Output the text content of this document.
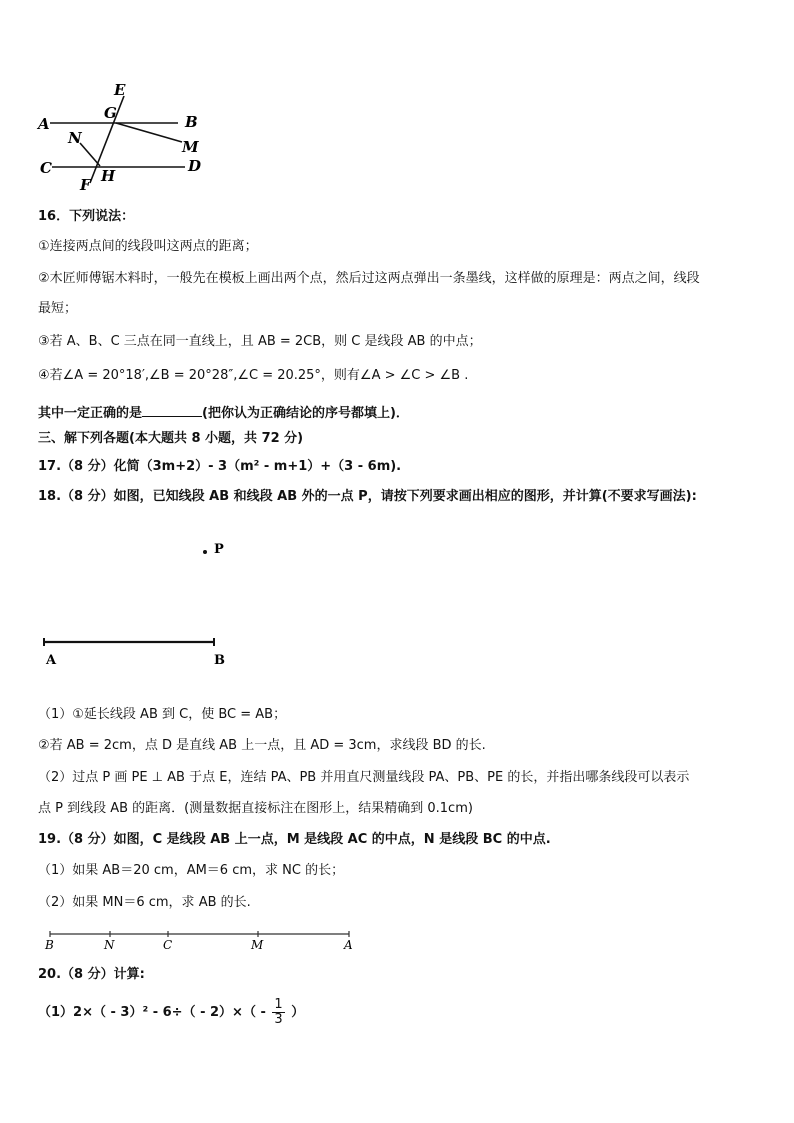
E
G
A	B
N	M
C	D
F H
16．下列说法：
①连接两点间的线段叫这两点的距离；
②木匠师傅锯木料时，一般先在模板上画出两个点，然后过这两点弹出一条墨线，这样做的原理是：两点之间，线段
最短；
③若 A、B、C 三点在同一直线上，且 AB = 2CB，则 C 是线段 AB 的中点；
④若∠A = 20°18′,∠B = 20°28″,∠C = 20.25°，则有∠A > ∠C > ∠B .
其中一定正确的是	(把你认为正确结论的序号都填上)．
三、解下列各题(本大题共 8 小题，共 72 分)
17.（8 分）化简（3m+2）- 3（m² - m+1）+（3 - 6m).
18.（8 分）如图，已知线段 AB 和线段 AB 外的一点 P，请按下列要求画出相应的图形，并计算(不要求写画法):
P
A	B
（1）①延长线段 AB 到 C，使 BC = AB；
②若 AB = 2cm，点 D 是直线 AB 上一点，且 AD = 3cm，求线段 BD 的长.
（2）过点 P 画 PE ⊥ AB 于点 E，连结 PA、PB 并用直尺测量线段 PA、PB、PE 的长，并指出哪条线段可以表示
点 P 到线段 AB 的距离．(测量数据直接标注在图形上，结果精确到 0.1cm)
19.（8 分）如图，C 是线段 AB 上一点，M 是线段 AC 的中点，N 是线段 BC 的中点.
（1）如果 AB＝20 cm，AM＝6 cm，求 NC 的长；
（2）如果 MN＝6 cm，求 AB 的长.
B	N	C	M	A
20.（8 分）计算:
$(1)2\times( - 3)^2 - 6\div( - 2)\times( - \frac{1}{3}$ ）
